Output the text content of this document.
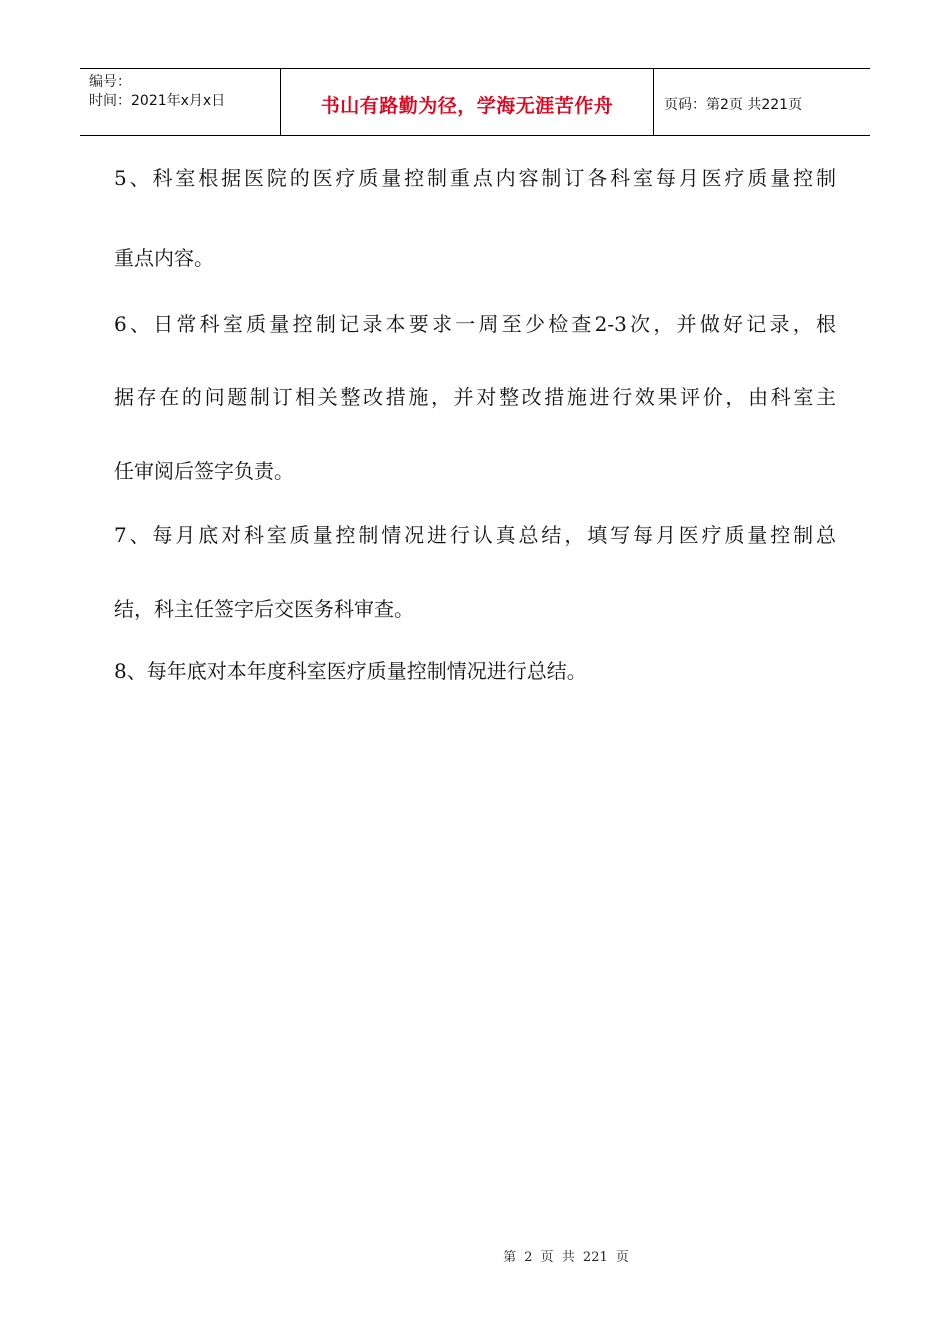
编号：
时间：2021年x月x日	书山有路勤为径，学海无涯苦作舟	页码：第2页 共221页
5、科室根据医院的医疗质量控制重点内容制订各科室每月医疗质量控制
重点内容。
6、日常科室质量控制记录本要求一周至少检查2-3次，并做好记录，根
据存在的问题制订相关整改措施，并对整改措施进行效果评价，由科室主
任审阅后签字负责。
7、每月底对科室质量控制情况进行认真总结，填写每月医疗质量控制总
结，科主任签字后交医务科审查。
8、每年底对本年度科室医疗质量控制情况进行总结。
第 2 页 共 221 页
